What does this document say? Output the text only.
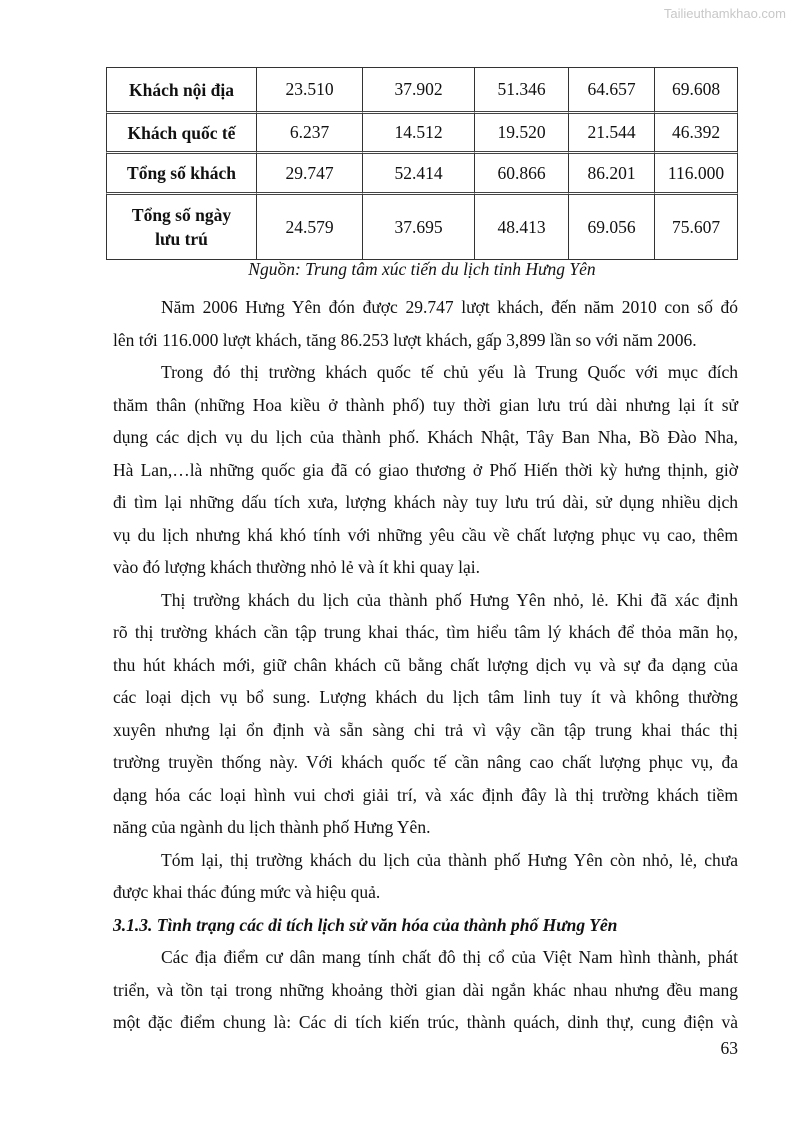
Tailieuthamkhao.com
Khách nội địa	23.510	37.902	51.346	64.657	69.608
Khách quốc tế	6.237	14.512	19.520	21.544	46.392
Tổng số khách	29.747	52.414	60.866	86.201	116.000
Tổng số ngày
lưu trú	24.579	37.695	48.413	69.056	75.607
Nguồn: Trung tâm xúc tiến du lịch tỉnh Hưng Yên
Năm 2006 Hưng Yên đón được 29.747 lượt khách, đến năm 2010 con số đó
lên tới 116.000 lượt khách, tăng 86.253 lượt khách, gấp 3,899 lần so với năm 2006.
Trong đó thị trường khách quốc tế chủ yếu là Trung Quốc với mục đích
thăm thân (những Hoa kiều ở thành phố) tuy thời gian lưu trú dài nhưng lại ít sử
dụng các dịch vụ du lịch của thành phố. Khách Nhật, Tây Ban Nha, Bồ Đào Nha,
Hà Lan,…là những quốc gia đã có giao thương ở Phố Hiến thời kỳ hưng thịnh, giờ
đi tìm lại những dấu tích xưa, lượng khách này tuy lưu trú dài, sử dụng nhiều dịch
vụ du lịch nhưng khá khó tính với những yêu cầu về chất lượng phục vụ cao, thêm
vào đó lượng khách thường nhỏ lẻ và ít khi quay lại.
Thị trường khách du lịch của thành phố Hưng Yên nhỏ, lẻ. Khi đã xác định
rõ thị trường khách cần tập trung khai thác, tìm hiểu tâm lý khách để thỏa mãn họ,
thu hút khách mới, giữ chân khách cũ bằng chất lượng dịch vụ và sự đa dạng của
các loại dịch vụ bổ sung. Lượng khách du lịch tâm linh tuy ít và không thường
xuyên nhưng lại ổn định và sẵn sàng chi trả vì vậy cần tập trung khai thác thị
trường truyền thống này. Với khách quốc tế cần nâng cao chất lượng phục vụ, đa
dạng hóa các loại hình vui chơi giải trí, và xác định đây là thị trường khách tiềm
năng của ngành du lịch thành phố Hưng Yên.
Tóm lại, thị trường khách du lịch của thành phố Hưng Yên còn nhỏ, lẻ, chưa
được khai thác đúng mức và hiệu quả.
3.1.3. Tình trạng các di tích lịch sử văn hóa của thành phố Hưng Yên
Các địa điểm cư dân mang tính chất đô thị cổ của Việt Nam hình thành, phát
triển, và tồn tại trong những khoảng thời gian dài ngắn khác nhau nhưng đều mang
một đặc điểm chung là: Các di tích kiến trúc, thành quách, dinh thự, cung điện và
63
